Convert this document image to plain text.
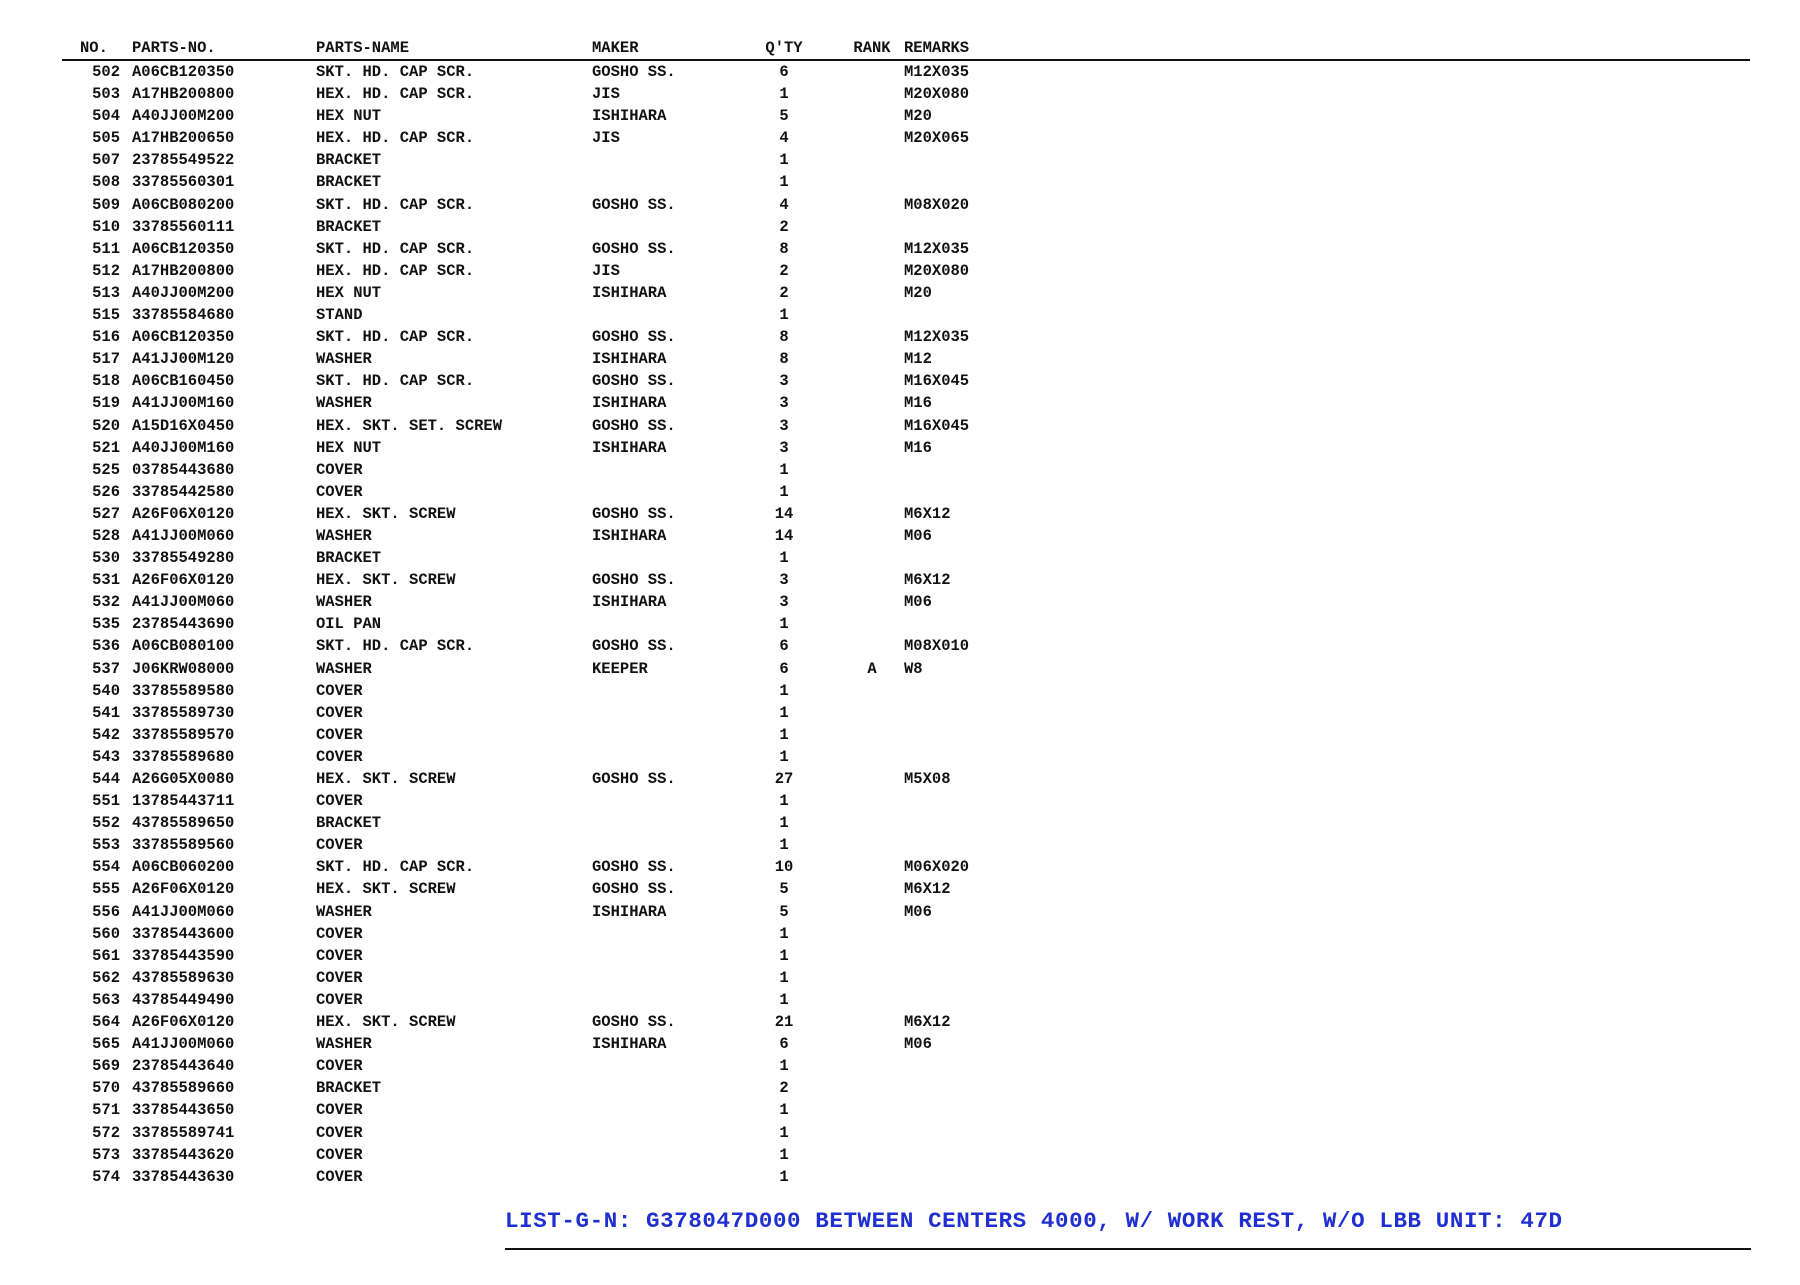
NO.	PARTS-NO.	PARTS-NAME	MAKER	Q'TY	RANK REMARKS
502 A06CB120350	SKT. HD. CAP SCR.	GOSHO SS.	6	M12X035
503 A17HB200800	HEX. HD. CAP SCR.	JIS	1	M20X080
504 A40JJ00M200	HEX NUT	ISHIHARA	5	M20
505 A17HB200650	HEX. HD. CAP SCR.	JIS	4	M20X065
507 23785549522	BRACKET	1
508 33785560301	BRACKET	1
509 A06CB080200	SKT. HD. CAP SCR.	GOSHO SS.	4	M08X020
510 33785560111	BRACKET	2
511 A06CB120350	SKT. HD. CAP SCR.	GOSHO SS.	8	M12X035
512 A17HB200800	HEX. HD. CAP SCR.	JIS	2	M20X080
513 A40JJ00M200	HEX NUT	ISHIHARA	2	M20
515 33785584680	STAND	1
516 A06CB120350	SKT. HD. CAP SCR.	GOSHO SS.	8	M12X035
517 A41JJ00M120	WASHER	ISHIHARA	8	M12
518 A06CB160450	SKT. HD. CAP SCR.	GOSHO SS.	3	M16X045
519 A41JJ00M160	WASHER	ISHIHARA	3	M16
520 A15D16X0450	HEX. SKT. SET. SCREW	GOSHO SS.	3	M16X045
521 A40JJ00M160	HEX NUT	ISHIHARA	3	M16
525 03785443680	COVER	1
526 33785442580	COVER	1
527 A26F06X0120	HEX. SKT. SCREW	GOSHO SS.	14	M6X12
528 A41JJ00M060	WASHER	ISHIHARA	14	M06
530 33785549280	BRACKET	1
531 A26F06X0120	HEX. SKT. SCREW	GOSHO SS.	3	M6X12
532 A41JJ00M060	WASHER	ISHIHARA	3	M06
535 23785443690	OIL PAN	1
536 A06CB080100	SKT. HD. CAP SCR.	GOSHO SS.	6	M08X010
537 J06KRW08000	WASHER	KEEPER	6	A	W8
540 33785589580	COVER	1
541 33785589730	COVER	1
542 33785589570	COVER	1
543 33785589680	COVER	1
544 A26G05X0080	HEX. SKT. SCREW	GOSHO SS.	27	M5X08
551 13785443711	COVER	1
552 43785589650	BRACKET	1
553 33785589560	COVER	1
554 A06CB060200	SKT. HD. CAP SCR.	GOSHO SS.	10	M06X020
555 A26F06X0120	HEX. SKT. SCREW	GOSHO SS.	5	M6X12
556 A41JJ00M060	WASHER	ISHIHARA	5	M06
560 33785443600	COVER	1
561 33785443590	COVER	1
562 43785589630	COVER	1
563 43785449490	COVER	1
564 A26F06X0120	HEX. SKT. SCREW	GOSHO SS.	21	M6X12
565 A41JJ00M060	WASHER	ISHIHARA	6	M06
569 23785443640	COVER	1
570 43785589660	BRACKET	2
571 33785443650	COVER	1
572 33785589741	COVER	1
573 33785443620	COVER	1
574 33785443630	COVER	1
LIST-G-N: G378047D000 BETWEEN CENTERS 4000, W/ WORK REST, W/O LBB UNIT: 47D
